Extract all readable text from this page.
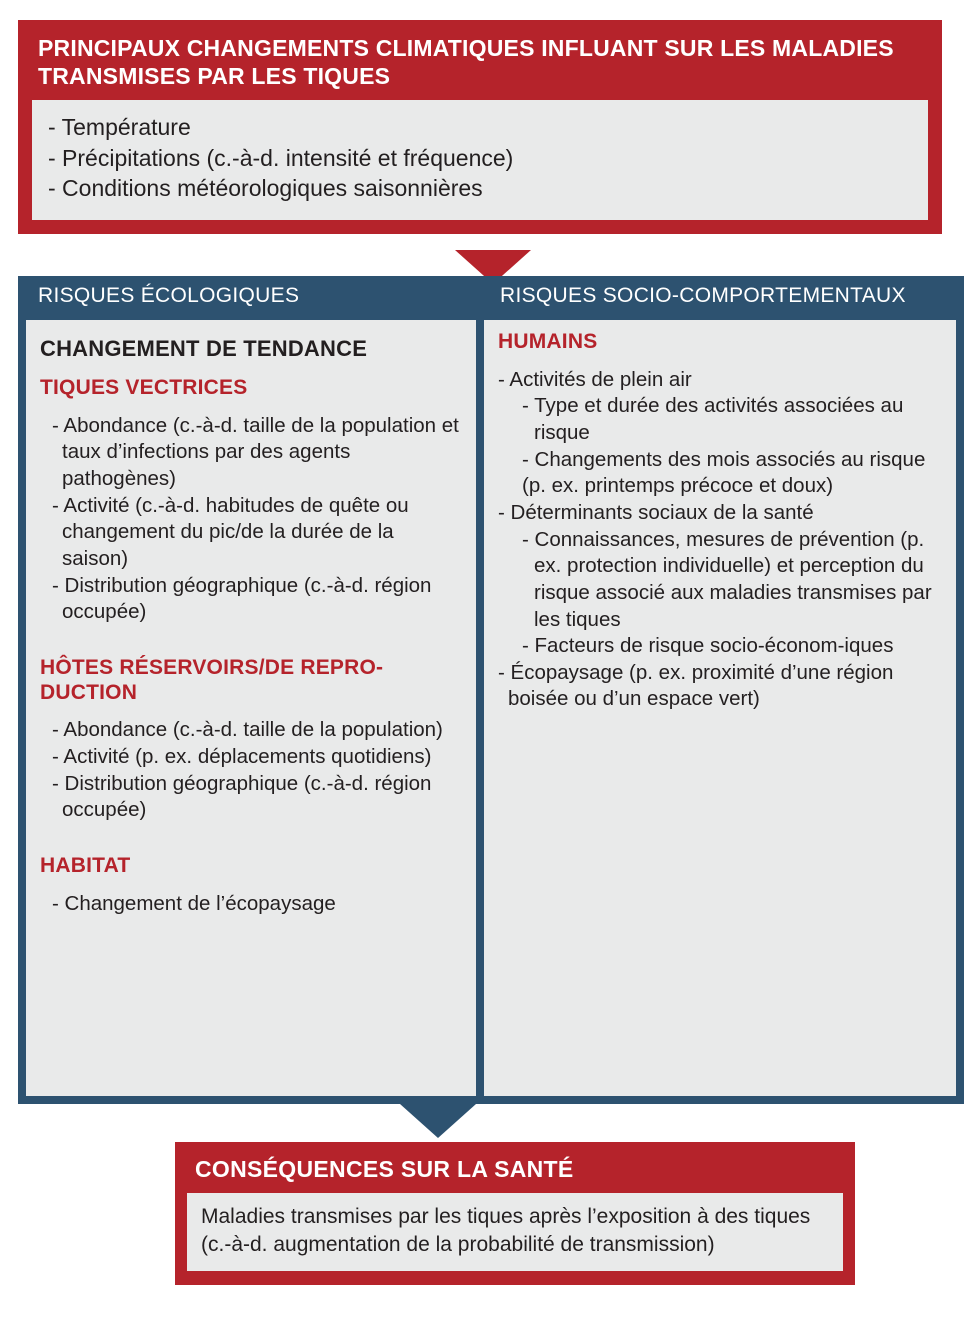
PRINCIPAUX CHANGEMENTS CLIMATIQUES INFLUANT SUR LES MALADIES TRANSMISES PAR LES TIQUES
- Température
- Précipitations (c.-à-d. intensité et fréquence)
- Conditions météorologiques saisonnières
RISQUES ÉCOLOGIQUES	RISQUES SOCIO-COMPORTEMENTAUX
CHANGEMENT DE TENDANCE
TIQUES VECTRICES
- Abondance (c.-à-d. taille de la population et taux d’infections par des agents pathogènes)
- Activité (c.-à-d. habitudes de quête ou changement du pic/de la durée de la saison)
- Distribution géographique (c.-à-d. région occupée)
HÔTES RÉSERVOIRS/DE REPRO-DUCTION
- Abondance (c.-à-d. taille de la population)
- Activité (p. ex. déplacements quotidiens)
- Distribution géographique (c.-à-d. région occupée)
HABITAT
- Changement de l’écopaysage
HUMAINS
- Activités de plein air
- Type et durée des activités associées au risque
- Changements des mois associés au risque
(p. ex. printemps précoce et doux)
- Déterminants sociaux de la santé
- Connaissances, mesures de prévention (p. ex. protection individuelle) et perception du risque associé aux maladies transmises par les tiques
- Facteurs de risque socio-économ-iques
- Écopaysage (p. ex. proximité d’une région boisée ou d’un espace vert)
CONSÉQUENCES SUR LA SANTÉ
Maladies transmises par les tiques après l’exposition à des tiques (c.-à-d. augmentation de la probabilité de transmission)
